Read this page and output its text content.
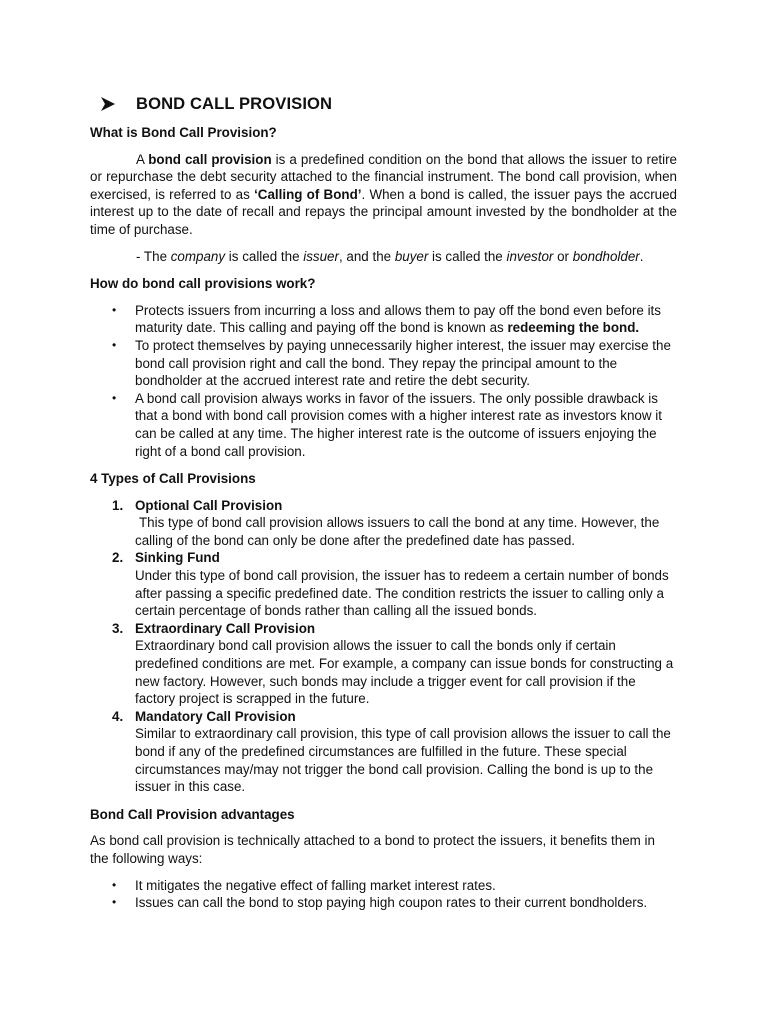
BOND CALL PROVISION
What is Bond Call Provision?

A bond call provision is a predefined condition on the bond that allows the issuer to retire or repurchase the debt security attached to the financial instrument. The bond call provision, when exercised, is referred to as ‘Calling of Bond’. When a bond is called, the issuer pays the accrued interest up to the date of recall and repays the principal amount invested by the bondholder at the time of purchase.

- The company is called the issuer, and the buyer is called the investor or bondholder.

How do bond call provisions work?
• Protects issuers from incurring a loss and allows them to pay off the bond even before its maturity date. This calling and paying off the bond is known as redeeming the bond.
• To protect themselves by paying unnecessarily higher interest, the issuer may exercise the bond call provision right and call the bond. They repay the principal amount to the bondholder at the accrued interest rate and retire the debt security.
• A bond call provision always works in favor of the issuers. The only possible drawback is that a bond with bond call provision comes with a higher interest rate as investors know it can be called at any time. The higher interest rate is the outcome of issuers enjoying the right of a bond call provision.
4 Types of Call Provisions
1. Optional Call Provision
This type of bond call provision allows issuers to call the bond at any time. However, the calling of the bond can only be done after the predefined date has passed.
2. Sinking Fund
Under this type of bond call provision, the issuer has to redeem a certain number of bonds after passing a specific predefined date. The condition restricts the issuer to calling only a certain percentage of bonds rather than calling all the issued bonds.
3. Extraordinary Call Provision
Extraordinary bond call provision allows the issuer to call the bonds only if certain predefined conditions are met. For example, a company can issue bonds for constructing a new factory. However, such bonds may include a trigger event for call provision if the factory project is scrapped in the future.
4. Mandatory Call Provision
Similar to extraordinary call provision, this type of call provision allows the issuer to call the bond if any of the predefined circumstances are fulfilled in the future. These special circumstances may/may not trigger the bond call provision. Calling the bond is up to the issuer in this case.
Bond Call Provision advantages

As bond call provision is technically attached to a bond to protect the issuers, it benefits them in the following ways:

• It mitigates the negative effect of falling market interest rates.
• Issues can call the bond to stop paying high coupon rates to their current bondholders.
